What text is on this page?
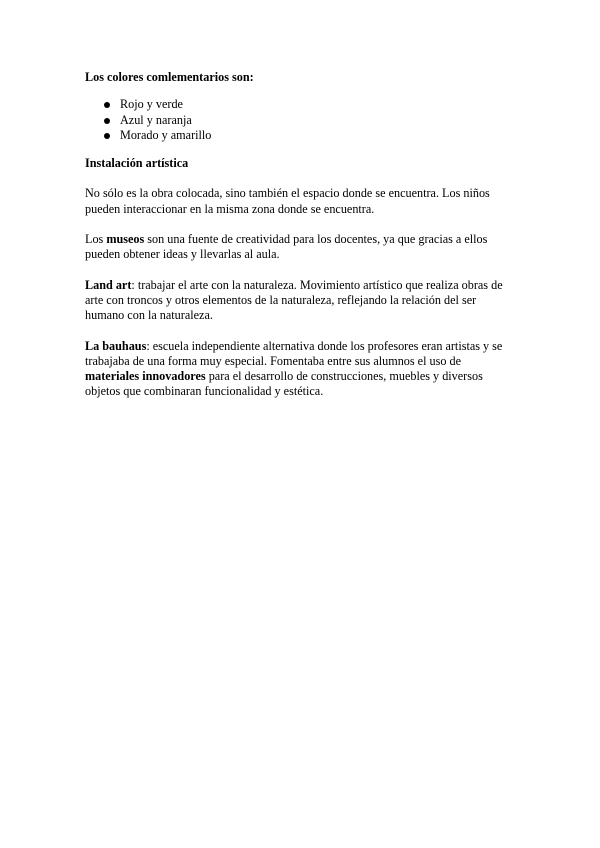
Los colores comlementarios son:

Rojo y verde
Azul y naranja
Morado y amarillo

Instalación artística

No sólo es la obra colocada, sino también el espacio donde se encuentra. Los niños pueden interaccionar en la misma zona donde se encuentra.

Los museos son una fuente de creatividad para los docentes, ya que gracias a ellos pueden obtener ideas y llevarlas al aula.

Land art: trabajar el arte con la naturaleza. Movimiento artístico que realiza obras de arte con troncos y otros elementos de la naturaleza, reflejando la relación del ser humano con la naturaleza.

La bauhaus: escuela independiente alternativa donde los profesores eran artistas y se trabajaba de una forma muy especial. Fomentaba entre sus alumnos el uso de materiales innovadores para el desarrollo de construcciones, muebles y diversos objetos que combinaran funcionalidad y estética.
